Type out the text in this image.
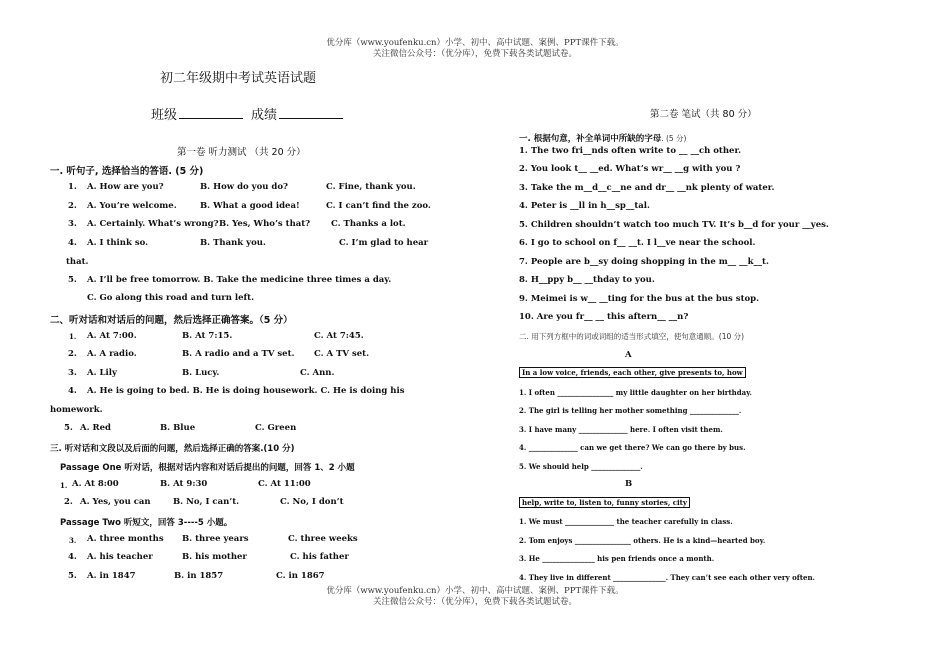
优分库（www.youfenku.cn）小学、初中、高中试题、案例、PPT课件下载。
关注微信公众号：（优分库），免费下载各类试题试卷。
优分库（www.youfenku.cn）小学、初中、高中试题、案例、PPT课件下载。
关注微信公众号：（优分库），免费下载各类试题试卷。
初二年级期中考试英语试题
班级	成绩
第一卷 听力测试 （共 20 分）
一. 听句子, 选择恰当的答语. (5 分)
1. A. How are you?	B. How do you do?	C. Fine, thank you.
2. A. You’re welcome.	B. What a good idea!	C. I can’t find the zoo.
3. A. Certainly. What’s wrong? B. Yes, Who’s that? C. Thanks a lot.
4. A. I think so.	B. Thank you.	C. I’m glad to hear
that.
5. A. I’ll be free tomorrow. B. Take the medicine three times a day.
C. Go along this road and turn left.
二、听对话和对话后的问题，然后选择正确答案。（5 分）
1. A. At 7:00.	B. At 7:15.	C. At 7:45.
2. A. A radio.	B. A radio and a TV set. C. A TV set.
3. A. Lily	B. Lucy.	C. Ann.
4. A. He is going to bed. B. He is doing housework. C. He is doing his
homework.
5. A. Red	B. Blue	C. Green
三. 听对话和文段以及后面的问题，然后选择正确的答案.(10 分)
Passage One 听对话，根据对话内容和对话后提出的问题，回答 1、2 小题
1. A. At 8:00	B. At 9:30	C. At 11:00
2. A. Yes, you can	B. No, I can’t.	C. No, I don’t
Passage Two 听短文，回答 3----5 小题。
3. A. three months B. three years	C. three weeks
4. A. his teacher	B. his mother	C. his father
5. A. in 1847	B. in 1857	C. in 1867
第二卷 笔试（共 80 分）
一. 根据句意，补全单词中所缺的字母. (5 分)
1. The two fri__nds often write to __ __ch other.
2. You look t__ __ed. What’s wr__ __g with you ?
3. Take the m__d__c__ne and dr__ __nk plenty of water.
4. Peter is __ll in h__sp__tal.
5. Children shouldn’t watch too much TV. It’s b__d for your __yes.
6. I go to school on f__ __t. I l__ve near the school.
7. People are b__sy doing shopping in the m__ __k__t.
8. H__ppy b__ __thday to you.
9. Meimei is w__ __ting for the bus at the bus stop.
10. Are you fr__ __ this aftern__ __n?
二. 用下列方框中的词或词组的适当形式填空，使句意通顺。(10 分)
A
In a low voice, friends, each other, give presents to, how
1. I often ________________ my little daughter on her birthday.
2. The girl is telling her mother something ______________.
3. I have many ______________ here. I often visit them.
4. ______________ can we get there? We can go there by bus.
5. We should help ______________.
B
help, write to, listen to, funny stories, city
1. We must ______________ the teacher carefully in class.
2. Tom enjoys ________________ others. He is a kind—hearted boy.
3. He _______________ his pen friends once a month.
4. They live in different _______________. They can’t see each other very often.
